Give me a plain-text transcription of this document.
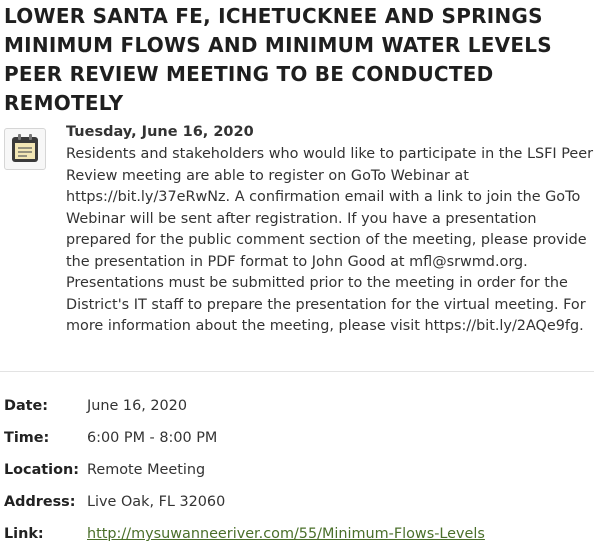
LOWER SANTA FE, ICHETUCKNEE AND SPRINGS MINIMUM FLOWS AND MINIMUM WATER LEVELS PEER REVIEW MEETING TO BE CONDUCTED REMOTELY
Tuesday, June 16, 2020

Residents and stakeholders who would like to participate in the LSFI Peer Review meeting are able to register on GoTo Webinar at https://bit.ly/37eRwNz. A confirmation email with a link to join the GoTo Webinar will be sent after registration. If you have a presentation prepared for the public comment section of the meeting, please provide the presentation in PDF format to John Good at mfl@srwmd.org. Presentations must be submitted prior to the meeting in order for the District's IT staff to prepare the presentation for the virtual meeting. For more information about the meeting, please visit https://bit.ly/2AQe9fg.

Date:	June 16, 2020
Time:	6:00 PM - 8:00 PM
Location: Remote Meeting
Address: Live Oak, FL 32060
Link:	http://mysuwanneeriver.com/55/Minimum-Flows-Levels
